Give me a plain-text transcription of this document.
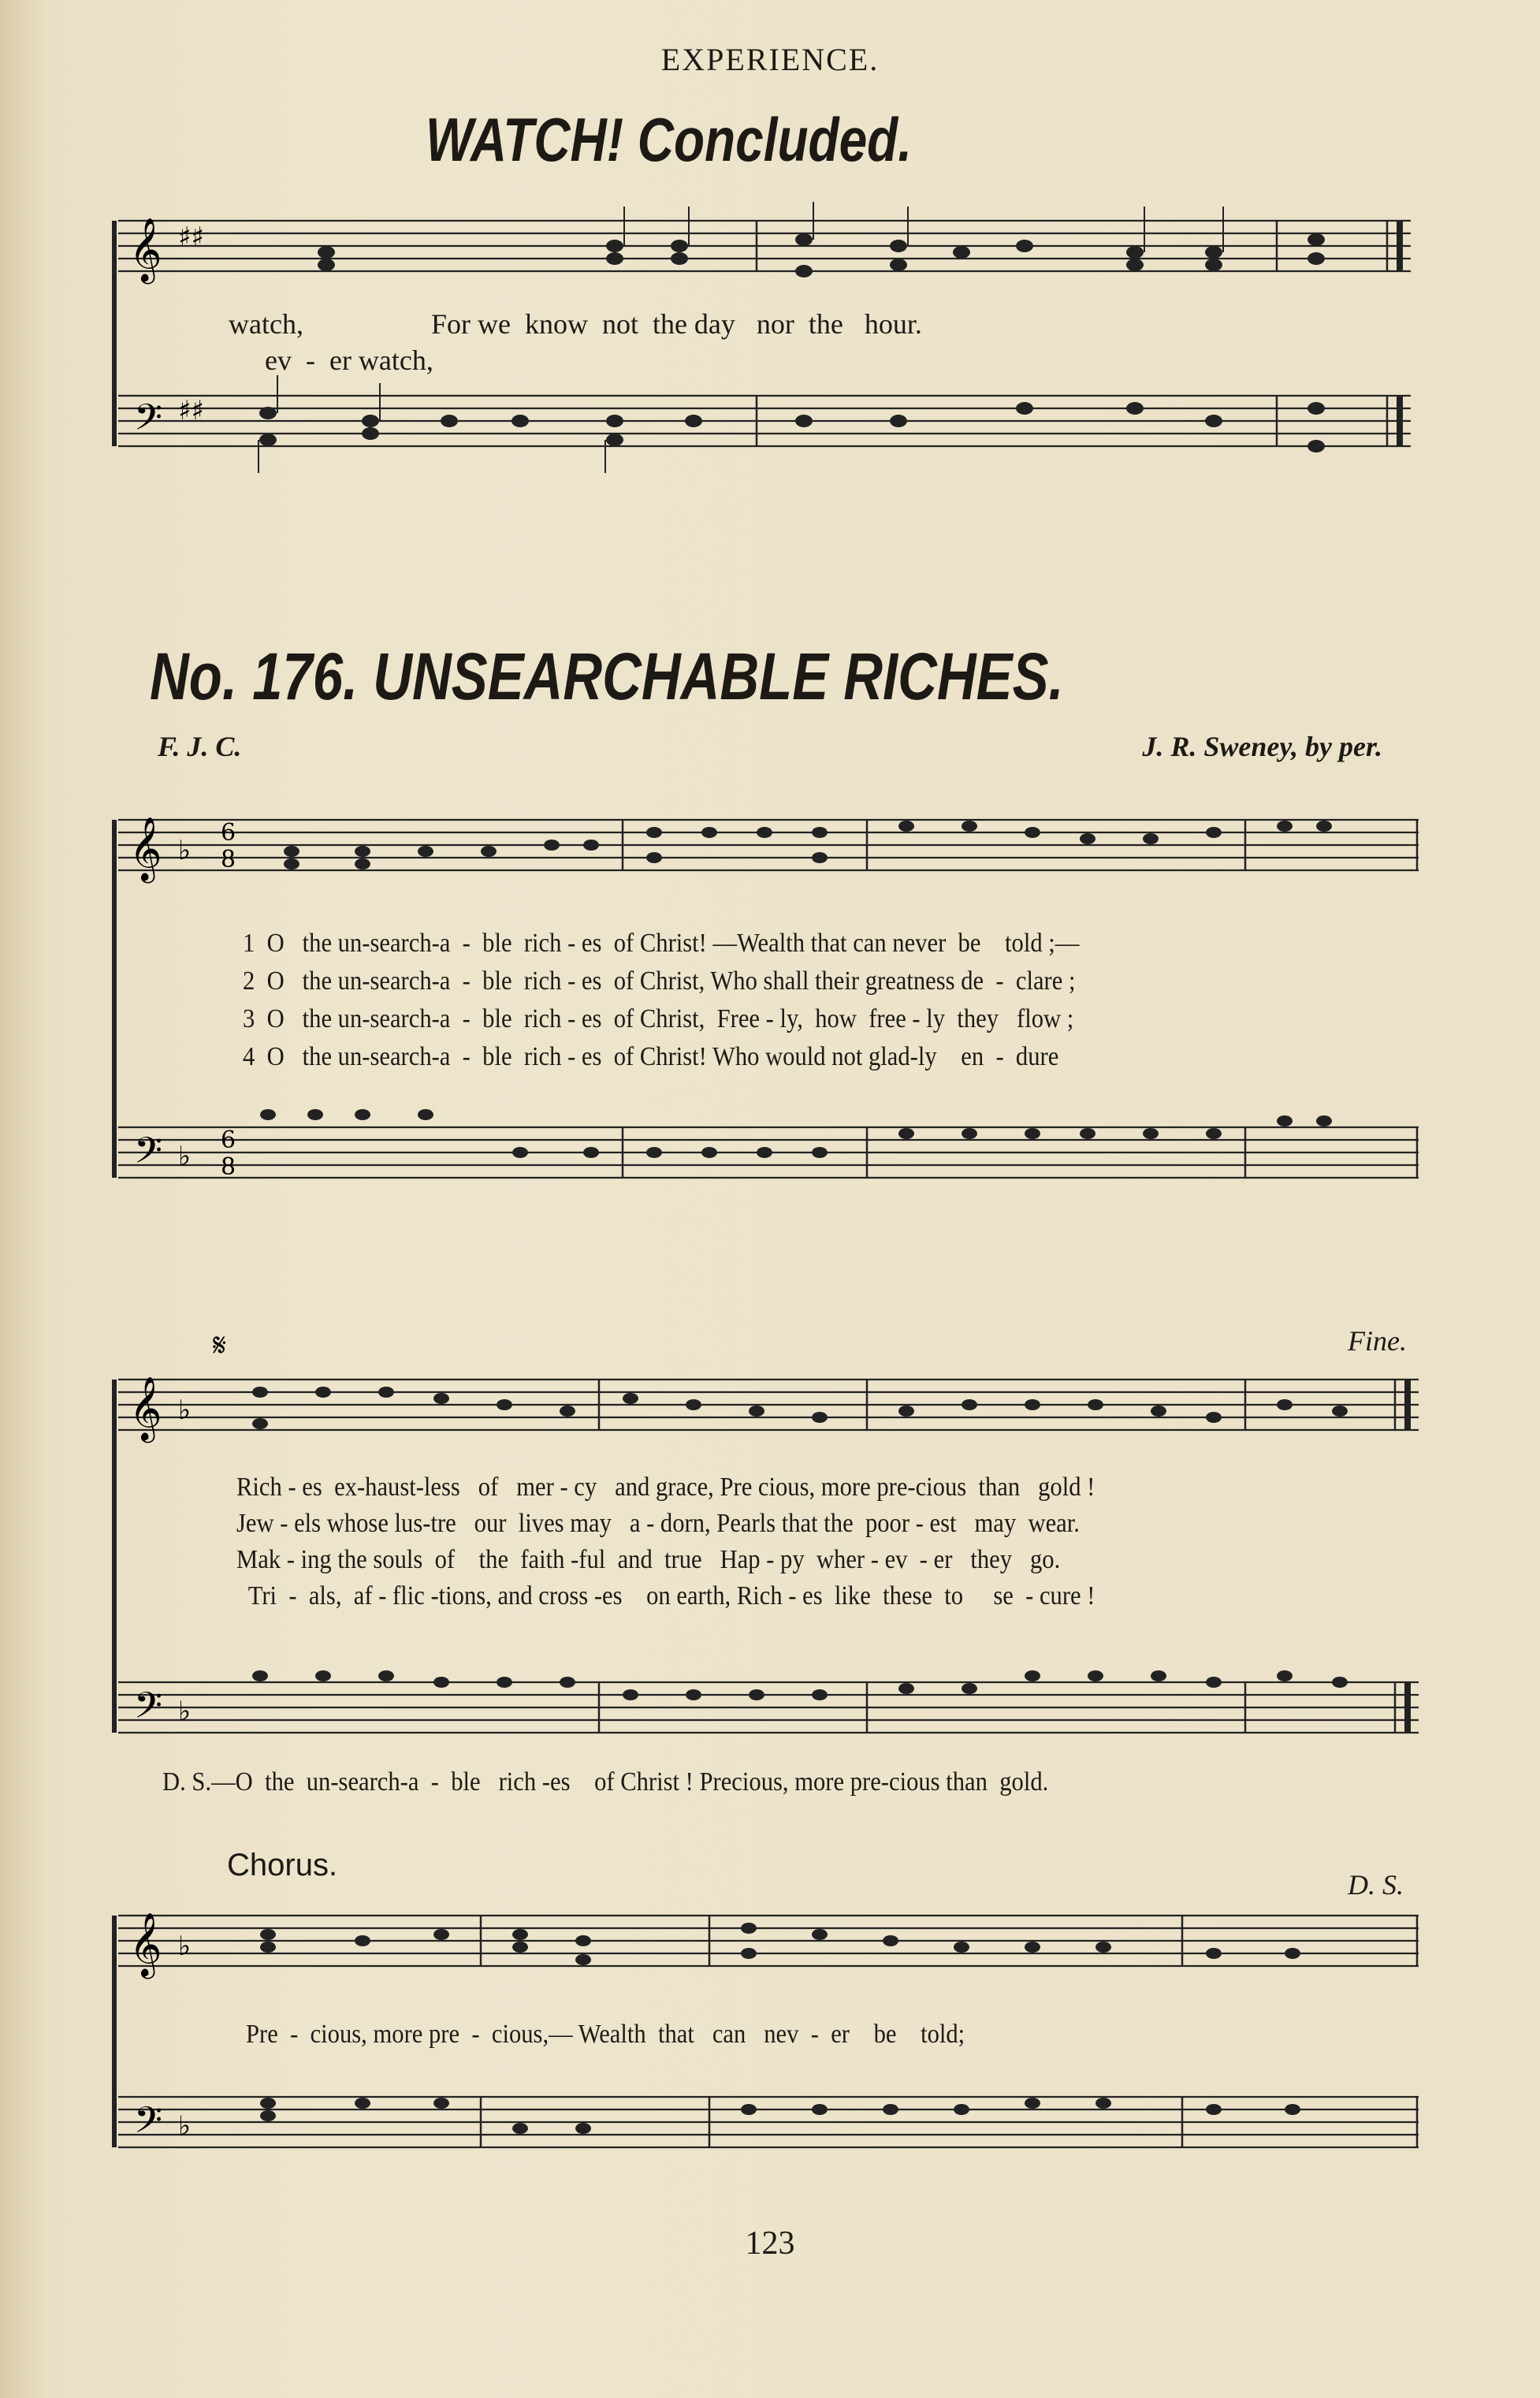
EXPERIENCE.
WATCH! Concluded.
𝄞
𝄢
♯♯
♯♯
watch,                  For we  know  not  the day   nor  the   hour.
ev  -  er watch,
No. 176. UNSEARCHABLE RICHES.
F. J. C.	J. R. Sweney, by per.
𝄞
𝄢
♭
♭
6
8
6
8
1  O   the un-search-a  -  ble  rich - es  of Christ! —Wealth that can never  be    told ;—
2  O   the un-search-a  -  ble  rich - es  of Christ, Who shall their greatness de  -  clare ;
3  O   the un-search-a  -  ble  rich - es  of Christ,  Free - ly,  how  free - ly  they   flow ;
4  O   the un-search-a  -  ble  rich - es  of Christ! Who would not glad-ly    en  -  dure
Fine.
𝄞
𝄢
♭
♭
𝄋
Rich - es  ex-haust-less   of   mer - cy   and grace, Pre cious, more pre-cious  than   gold !
Jew - els whose lus-tre   our  lives may   a - dorn, Pearls that the  poor - est   may  wear.
Mak - ing the souls  of    the  faith -ful  and  true   Hap - py  wher - ev  - er   they   go.
Tri  -  als,  af - flic -tions, and cross -es    on earth, Rich - es  like  these  to     se  - cure !
D. S.—O  the  un-search-a  -  ble   rich -es    of Christ ! Precious, more pre-cious than  gold.
Chorus.
D. S.
𝄞
𝄢
♭
♭
Pre  -  cious, more pre  -  cious,— Wealth  that   can   nev  -  er    be    told;
123
